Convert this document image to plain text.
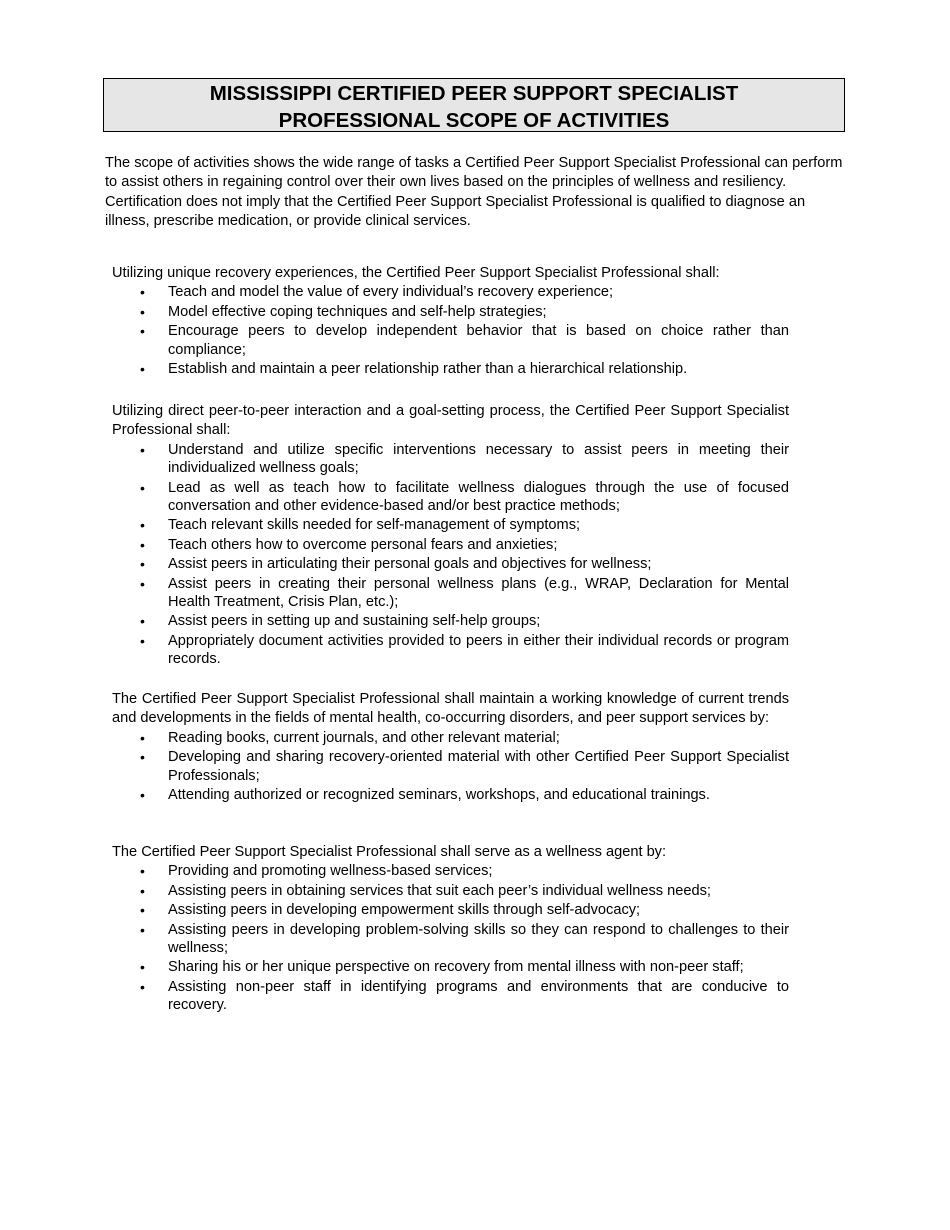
MISSISSIPPI CERTIFIED PEER SUPPORT SPECIALIST
PROFESSIONAL SCOPE OF ACTIVITIES

The scope of activities shows the wide range of tasks a Certified Peer Support Specialist Professional can perform to assist others in regaining control over their own lives based on the principles of wellness and resiliency. Certification does not imply that the Certified Peer Support Specialist Professional is qualified to diagnose an illness, prescribe medication, or provide clinical services.

Utilizing unique recovery experiences, the Certified Peer Support Specialist Professional shall:

• Teach and model the value of every individual’s recovery experience;
• Model effective coping techniques and self-help strategies;
• Encourage peers to develop independent behavior that is based on choice rather than compliance;
• Establish and maintain a peer relationship rather than a hierarchical relationship.

Utilizing direct peer-to-peer interaction and a goal-setting process, the Certified Peer Support Specialist Professional shall:

• Understand and utilize specific interventions necessary to assist peers in meeting their individualized wellness goals;
• Lead as well as teach how to facilitate wellness dialogues through the use of focused conversation and other evidence-based and/or best practice methods;
• Teach relevant skills needed for self-management of symptoms;
• Teach others how to overcome personal fears and anxieties;
• Assist peers in articulating their personal goals and objectives for wellness;
• Assist peers in creating their personal wellness plans (e.g., WRAP, Declaration for Mental Health Treatment, Crisis Plan, etc.);
• Assist peers in setting up and sustaining self-help groups;
• Appropriately document activities provided to peers in either their individual records or program records.

The Certified Peer Support Specialist Professional shall maintain a working knowledge of current trends and developments in the fields of mental health, co-occurring disorders, and peer support services by:

• Reading books, current journals, and other relevant material;
• Developing and sharing recovery-oriented material with other Certified Peer Support Specialist Professionals;
• Attending authorized or recognized seminars, workshops, and educational trainings.

The Certified Peer Support Specialist Professional shall serve as a wellness agent by:

• Providing and promoting wellness-based services;
• Assisting peers in obtaining services that suit each peer’s individual wellness needs;
• Assisting peers in developing empowerment skills through self-advocacy;
• Assisting peers in developing problem-solving skills so they can respond to challenges to their wellness;
• Sharing his or her unique perspective on recovery from mental illness with non-peer staff;
• Assisting non-peer staff in identifying programs and environments that are conducive to recovery.
